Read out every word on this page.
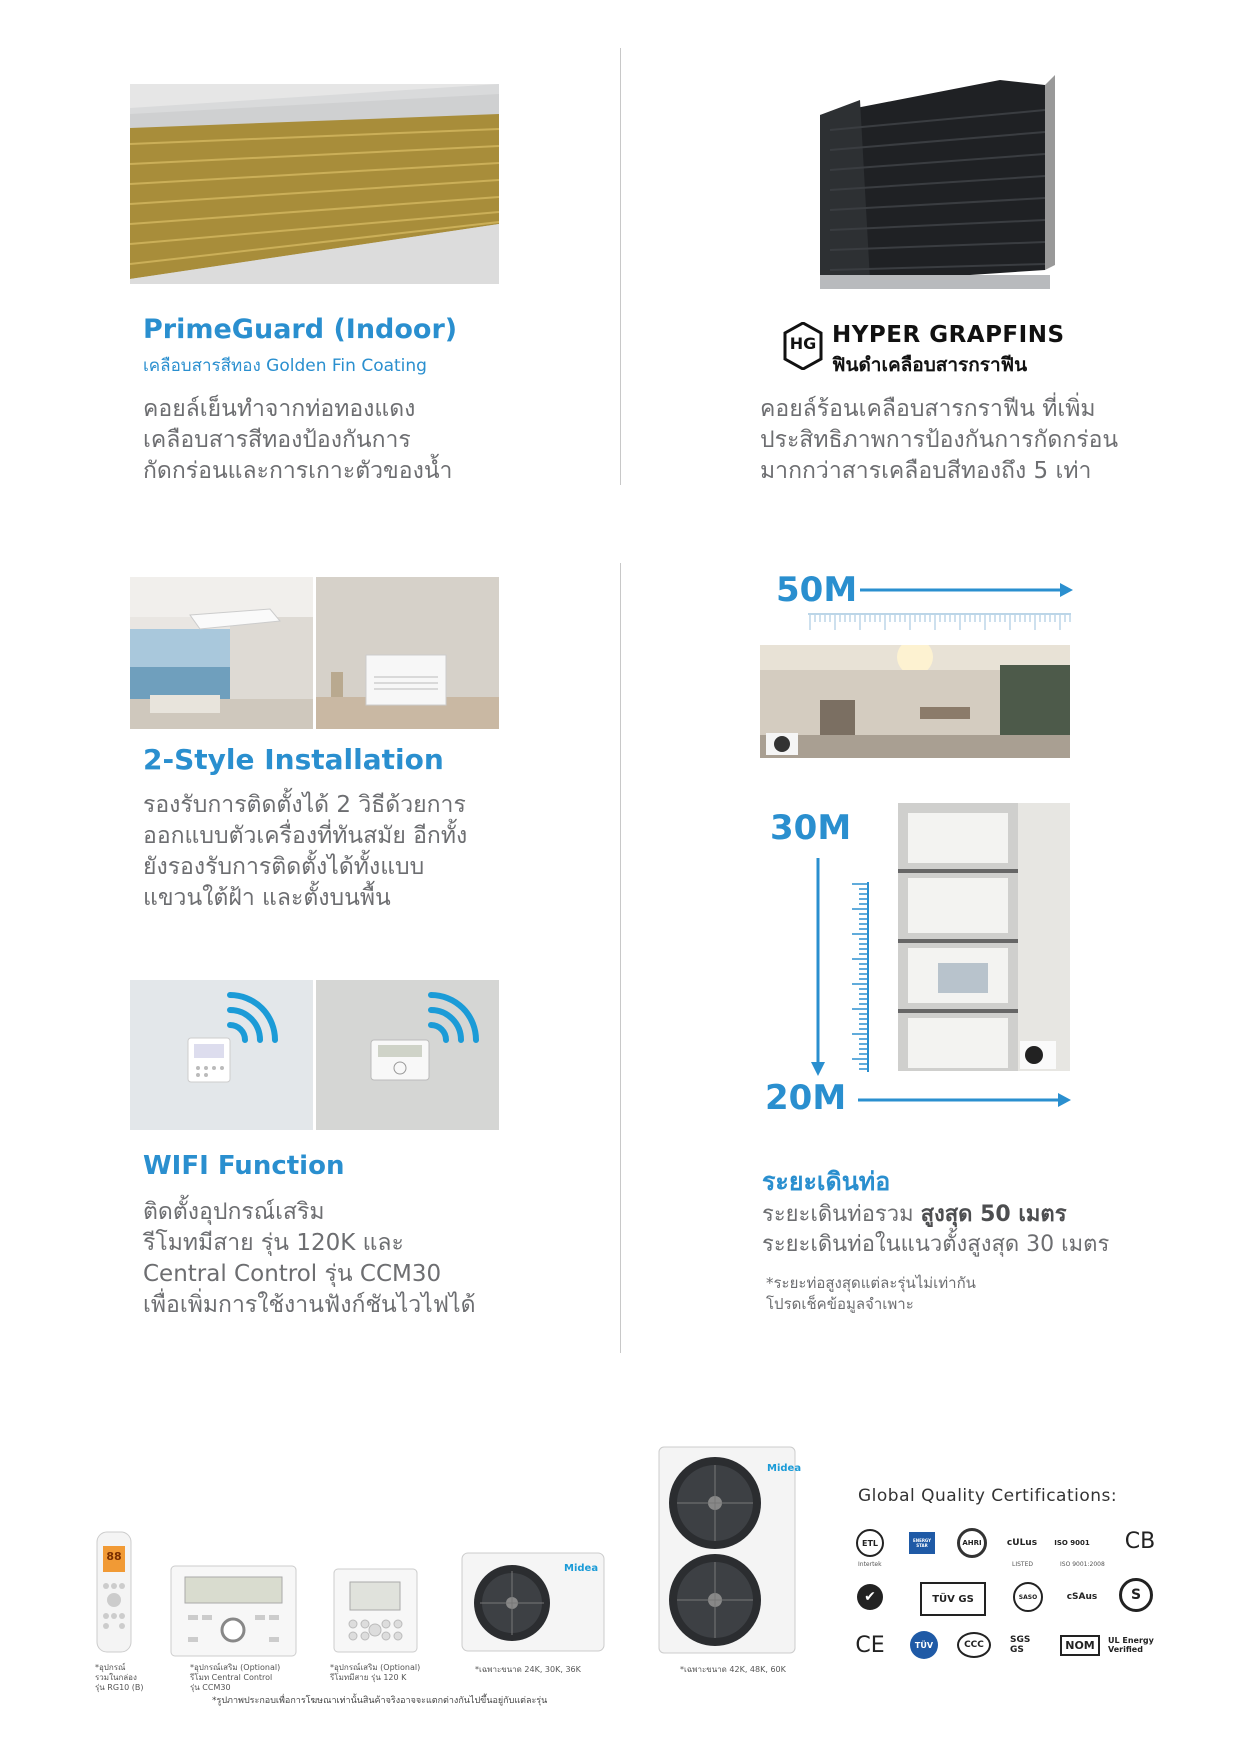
PrimeGuard (Indoor)
เคลือบสารสีทอง Golden Fin Coating
คอยล์เย็นทำจากท่อทองแดง
เคลือบสารสีทองป้องกันการ
กัดกร่อนและการเกาะตัวของน้ำ
HG HYPER GRAPFINS
ฟินดำเคลือบสารกราฟีน
คอยล์ร้อนเคลือบสารกราฟีน ที่เพิ่ม
ประสิทธิภาพการป้องกันการกัดกร่อน
มากกว่าสารเคลือบสีทองถึง 5 เท่า
2-Style Installation
รองรับการติดตั้งได้ 2 วิธีด้วยการ
ออกแบบตัวเครื่องที่ทันสมัย อีกทั้ง
ยังรองรับการติดตั้งได้ทั้งแบบ
แขวนใต้ฝ้า และตั้งบนพื้น
WIFI Function
ติดตั้งอุปกรณ์เสริม
รีโมทมีสาย รุ่น 120K และ
Central Control รุ่น CCM30
เพื่อเพิ่มการใช้งานฟังก์ชันไวไฟได้
50M
30M
20M
ระยะเดินท่อ
ระยะเดินท่อรวม สูงสุด 50 เมตร
ระยะเดินท่อในแนวตั้งสูงสุด 30 เมตร
*ระยะท่อสูงสุดแต่ละรุ่นไม่เท่ากัน
โปรดเช็คข้อมูลจำเพาะ
88
*อุปกรณ์
รวมในกล่อง
รุ่น RG10 (B)
*อุปกรณ์เสริม (Optional)
รีโมท Central Control
รุ่น CCM30
*อุปกรณ์เสริม (Optional)
รีโมทมีสาย รุ่น 120 K
Midea
*เฉพาะขนาด 24K, 30K, 36K
Midea
*เฉพาะขนาด 42K, 48K, 60K
*รูปภาพประกอบเพื่อการโฆษณาเท่านั้นสินค้าจริงอาจจะแตกต่างกันไปขึ้นอยู่กับแต่ละรุ่น
Global Quality Certifications:
ETL	ENERGY STAR	AHRI	cULus	ISO 9001 CB
Intertek	LISTED	ISO 9001:2008
✔	TÜV GS	SASO	cSAus	S
CE	TÜV	CCC	SGS GS	NOM	UL Energy Verified
